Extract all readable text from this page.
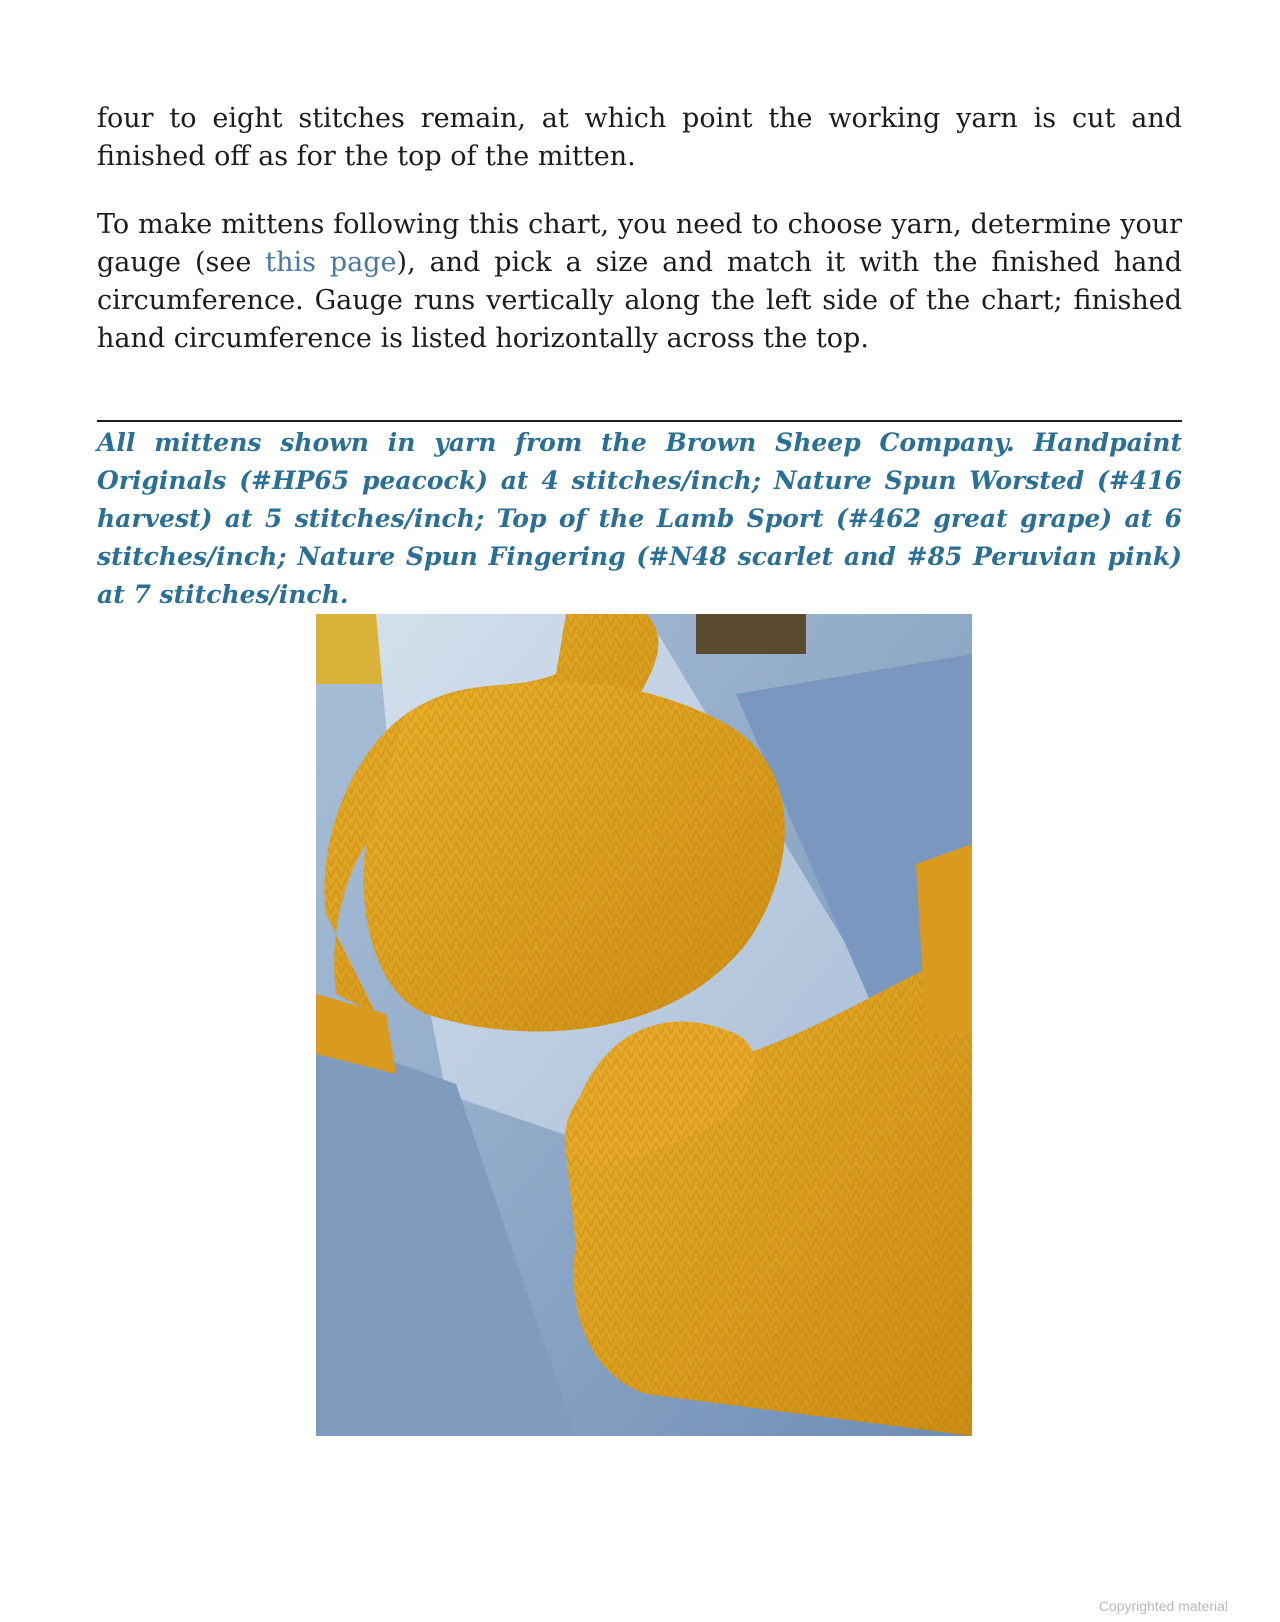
four to eight stitches remain, at which point the working yarn is cut and finished off as for the top of the mitten.

To make mittens following this chart, you need to choose yarn, determine your gauge (see this page), and pick a size and match it with the finished hand circumference. Gauge runs vertically along the left side of the chart; finished hand circumference is listed horizontally across the top.

All mittens shown in yarn from the Brown Sheep Company. Handpaint Originals (#HP65 peacock) at 4 stitches/inch; Nature Spun Worsted (#416 harvest) at 5 stitches/inch; Top of the Lamb Sport (#462 great grape) at 6 stitches/inch; Nature Spun Fingering (#N48 scarlet and #85 Peruvian pink) at 7 stitches/inch.

Copyrighted material
